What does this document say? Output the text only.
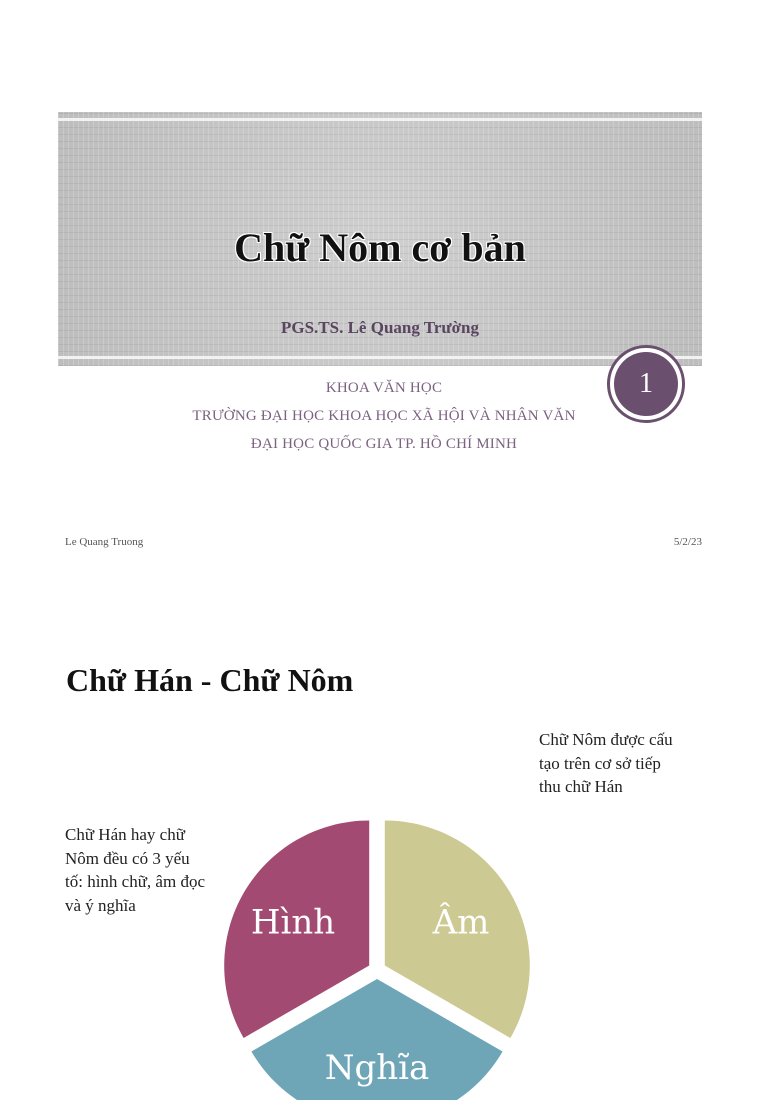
Chữ Nôm cơ bản
PGS.TS. Lê Quang Trường
1
KHOA VĂN HỌC
TRƯỜNG ĐẠI HỌC KHOA HỌC XÃ HỘI VÀ NHÂN VĂN
ĐẠI HỌC QUỐC GIA TP. HỒ CHÍ MINH
Le Quang Truong	5/2/23
Chữ Hán - Chữ Nôm
Chữ Nôm được cấu tạo trên cơ sở tiếp thu chữ Hán
Chữ Hán hay chữ Nôm đều có 3 yếu tố: hình chữ, âm đọc và ý nghĩa	Âm
Nghĩa
Hình
